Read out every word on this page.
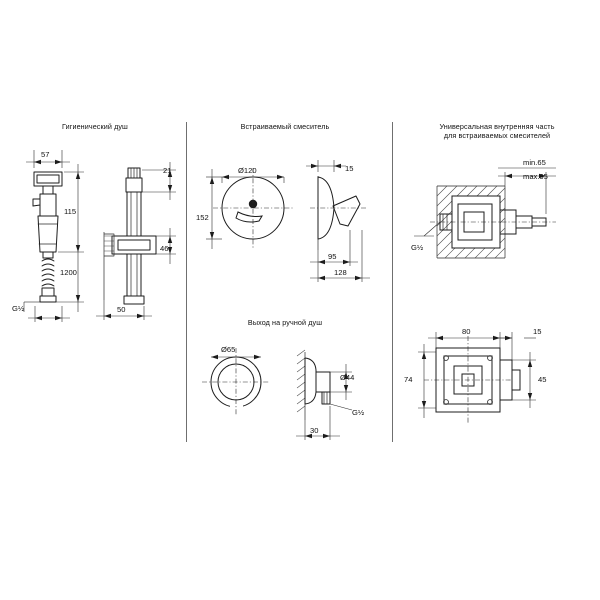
Гигиенический душ	Встраиваемый смеситель	Универсальная внутренняя часть
для встраиваемых смесителей
Выход на ручной душ
57
115
1200
G½
21
46
50
Ø120
152
15
95
128
Ø65
Ø44
G½
30
min.65
max.95
G½
80	15
74	45
